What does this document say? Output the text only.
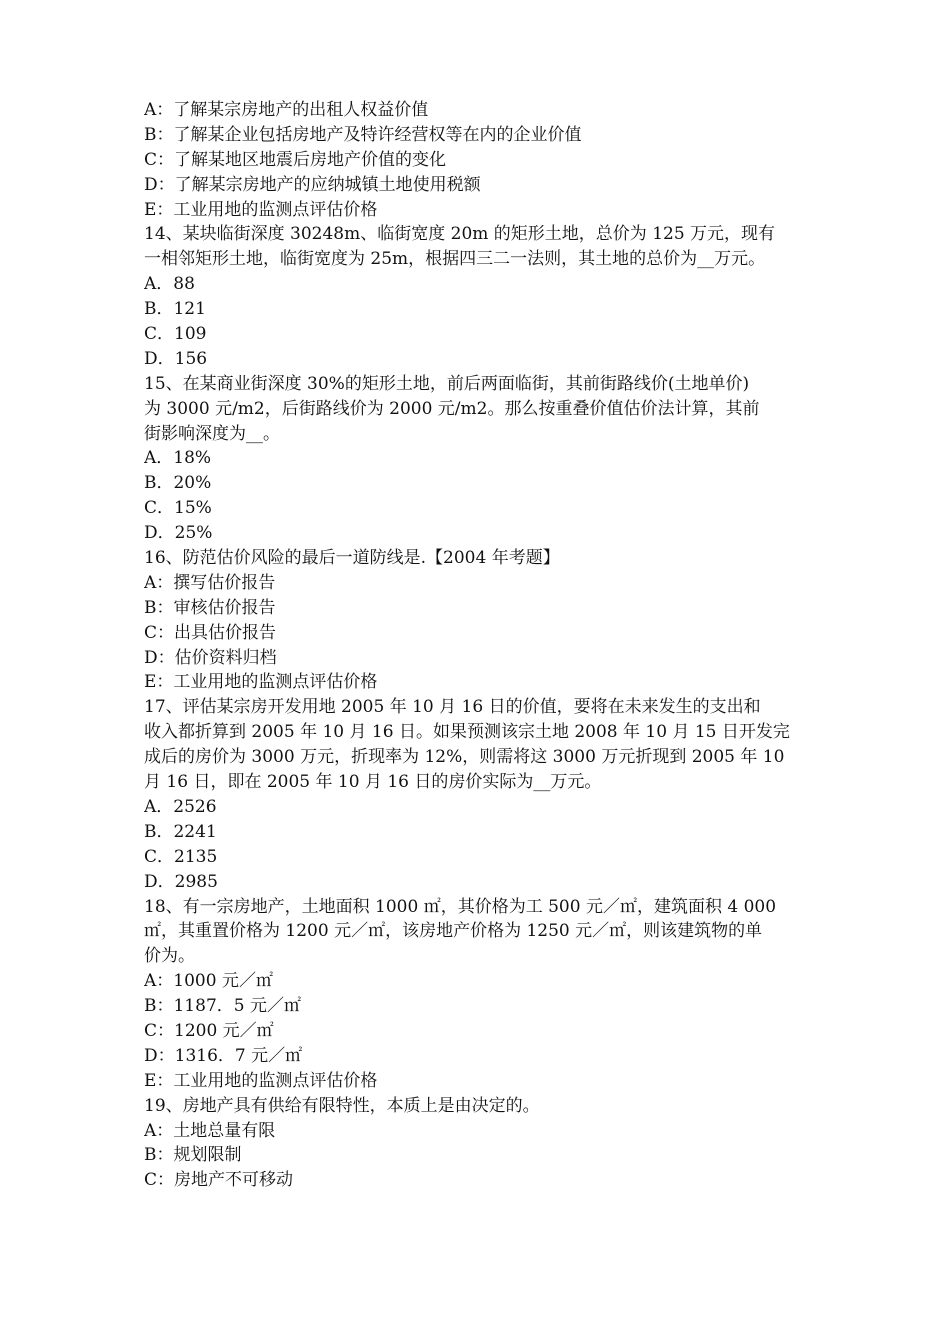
A：了解某宗房地产的出租人权益价值
B：了解某企业包括房地产及特许经营权等在内的企业价值
C：了解某地区地震后房地产价值的变化
D：了解某宗房地产的应纳城镇土地使用税额
E：工业用地的监测点评估价格
14、某块临街深度 30248m、临街宽度 20m 的矩形土地，总价为 125 万元，现有
一相邻矩形土地，临街宽度为 25m，根据四三二一法则，其土地的总价为__万元。
A．88
B．121
C．109
D．156
15、在某商业街深度 30%的矩形土地，前后两面临街，其前街路线价(土地单价)
为 3000 元/m2，后街路线价为 2000 元/m2。那么按重叠价值估价法计算，其前
街影响深度为__。
A．18%
B．20%
C．15%
D．25%
16、防范估价风险的最后一道防线是.【2004 年考题】
A：撰写估价报告
B：审核估价报告
C：出具估价报告
D：估价资料归档
E：工业用地的监测点评估价格
17、评估某宗房开发用地 2005 年 10 月 16 日的价值，要将在未来发生的支出和
收入都折算到 2005 年 10 月 16 日。如果预测该宗土地 2008 年 10 月 15 日开发完
成后的房价为 3000 万元，折现率为 12%，则需将这 3000 万元折现到 2005 年 10
月 16 日，即在 2005 年 10 月 16 日的房价实际为__万元。
A．2526
B．2241
C．2135
D．2985
18、有一宗房地产，土地面积 1000 ㎡，其价格为工 500 元／㎡，建筑面积 4 000
㎡，其重置价格为 1200 元／㎡，该房地产价格为 1250 元／㎡，则该建筑物的单
价为。
A：1000 元／㎡
B：1187．5 元／㎡
C：1200 元／㎡
D：1316．7 元／㎡
E：工业用地的监测点评估价格
19、房地产具有供给有限特性，本质上是由决定的。
A：土地总量有限
B：规划限制
C：房地产不可移动
